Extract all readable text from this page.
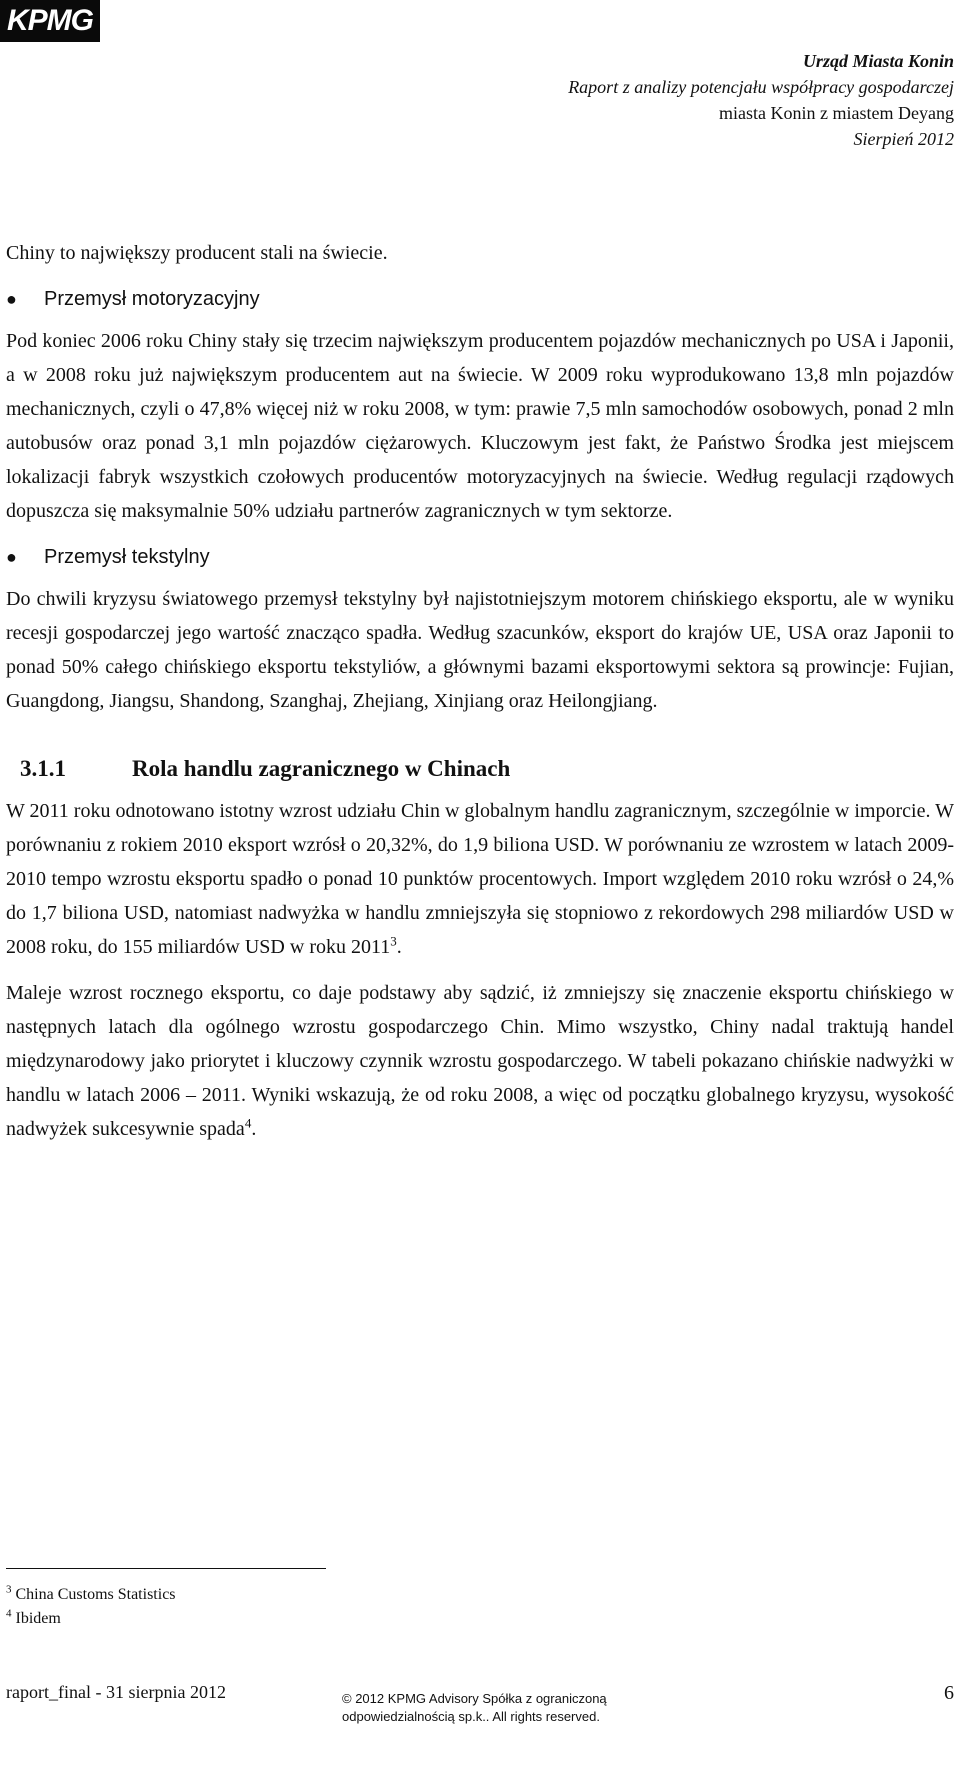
KPMG
Urząd Miasta Konin
Raport z analizy potencjału współpracy gospodarczej
miasta Konin z miastem Deyang
Sierpień 2012

Chiny to największy producent stali na świecie.

●	Przemysł motoryzacyjny

Pod koniec 2006 roku Chiny stały się trzecim największym producentem pojazdów mechanicznych po USA i Japonii, a w 2008 roku już największym producentem aut na świecie. W 2009 roku wyprodukowano 13,8 mln pojazdów mechanicznych, czyli o 47,8% więcej niż w roku 2008, w tym: prawie 7,5 mln samochodów osobowych, ponad 2 mln autobusów oraz ponad 3,1 mln pojazdów ciężarowych. Kluczowym jest fakt, że Państwo Środka jest miejscem lokalizacji fabryk wszystkich czołowych producentów motoryzacyjnych na świecie. Według regulacji rządowych dopuszcza się maksymalnie 50% udziału partnerów zagranicznych w tym sektorze.

●	Przemysł tekstylny

Do chwili kryzysu światowego przemysł tekstylny był najistotniejszym motorem chińskiego eksportu, ale w wyniku recesji gospodarczej jego wartość znacząco spadła. Według szacunków, eksport do krajów UE, USA oraz Japonii to ponad 50% całego chińskiego eksportu tekstyliów, a głównymi bazami eksportowymi sektora są prowincje: Fujian, Guangdong, Jiangsu, Shandong, Szanghaj, Zhejiang, Xinjiang oraz Heilongjiang.

3.1.1	Rola handlu zagranicznego w Chinach

W 2011 roku odnotowano istotny wzrost udziału Chin w globalnym handlu zagranicznym, szczególnie w imporcie. W porównaniu z rokiem 2010 eksport wzrósł o 20,32%, do 1,9 biliona USD. W porównaniu ze wzrostem w latach 2009-2010 tempo wzrostu eksportu spadło o ponad 10 punktów procentowych. Import względem 2010 roku wzrósł o 24,% do 1,7 biliona USD, natomiast nadwyżka w handlu zmniejszyła się stopniowo z rekordowych 298 miliardów USD w 2008 roku, do 155 miliardów USD w roku 2011$^3$.

Maleje wzrost rocznego eksportu, co daje podstawy aby sądzić, iż zmniejszy się znaczenie eksportu chińskiego w następnych latach dla ogólnego wzrostu gospodarczego Chin. Mimo wszystko, Chiny nadal traktują handel międzynarodowy jako priorytet i kluczowy czynnik wzrostu gospodarczego. W tabeli pokazano chińskie nadwyżki w handlu w latach 2006 – 2011. Wyniki wskazują, że od roku 2008, a więc od początku globalnego kryzysu, wysokość nadwyżek sukcesywnie spada$^4$.

$^3$ China Customs Statistics
$^4$ Ibidem
raport_final - 31 sierpnia 2012	© 2012 KPMG Advisory Spółka z ograniczoną
odpowiedzialnością sp.k.. All rights reserved.
6
